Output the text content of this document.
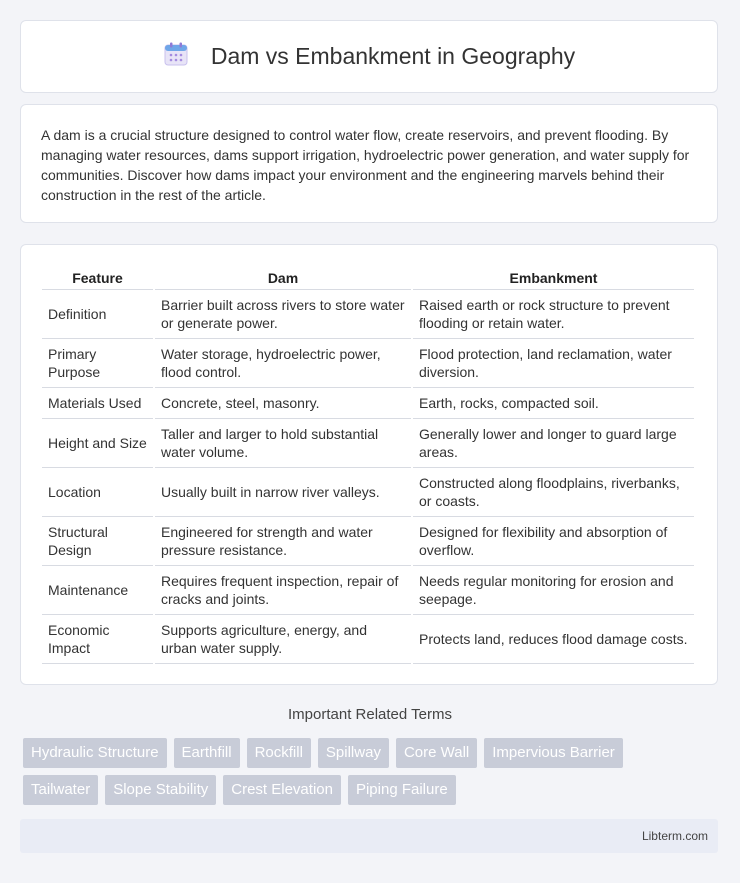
Dam vs Embankment in Geography

A dam is a crucial structure designed to control water flow, create reservoirs, and prevent flooding. By managing water resources, dams support irrigation, hydroelectric power generation, and water supply for communities. Discover how dams impact your environment and the engineering marvels behind their construction in the rest of the article.

Feature	Dam	Embankment
Definition	Barrier built across rivers to store water or generate power.	Raised earth or rock structure to prevent flooding or retain water.
Primary Purpose	Water storage, hydroelectric power, flood control.	Flood protection, land reclamation, water diversion.
Materials Used	Concrete, steel, masonry.	Earth, rocks, compacted soil.
Height and Size	Taller and larger to hold substantial water volume.	Generally lower and longer to guard large areas.
Location	Usually built in narrow river valleys.	Constructed along floodplains, riverbanks, or coasts.
Structural Design	Engineered for strength and water pressure resistance.	Designed for flexibility and absorption of overflow.
Maintenance	Requires frequent inspection, repair of cracks and joints.	Needs regular monitoring for erosion and seepage.
Economic Impact	Supports agriculture, energy, and urban water supply.	Protects land, reduces flood damage costs.
Important Related Terms
Hydraulic Structure	Earthfill	Rockfill	Spillway	Core Wall	Impervious Barrier
Tailwater	Slope Stability	Crest Elevation	Piping Failure
Libterm.com
